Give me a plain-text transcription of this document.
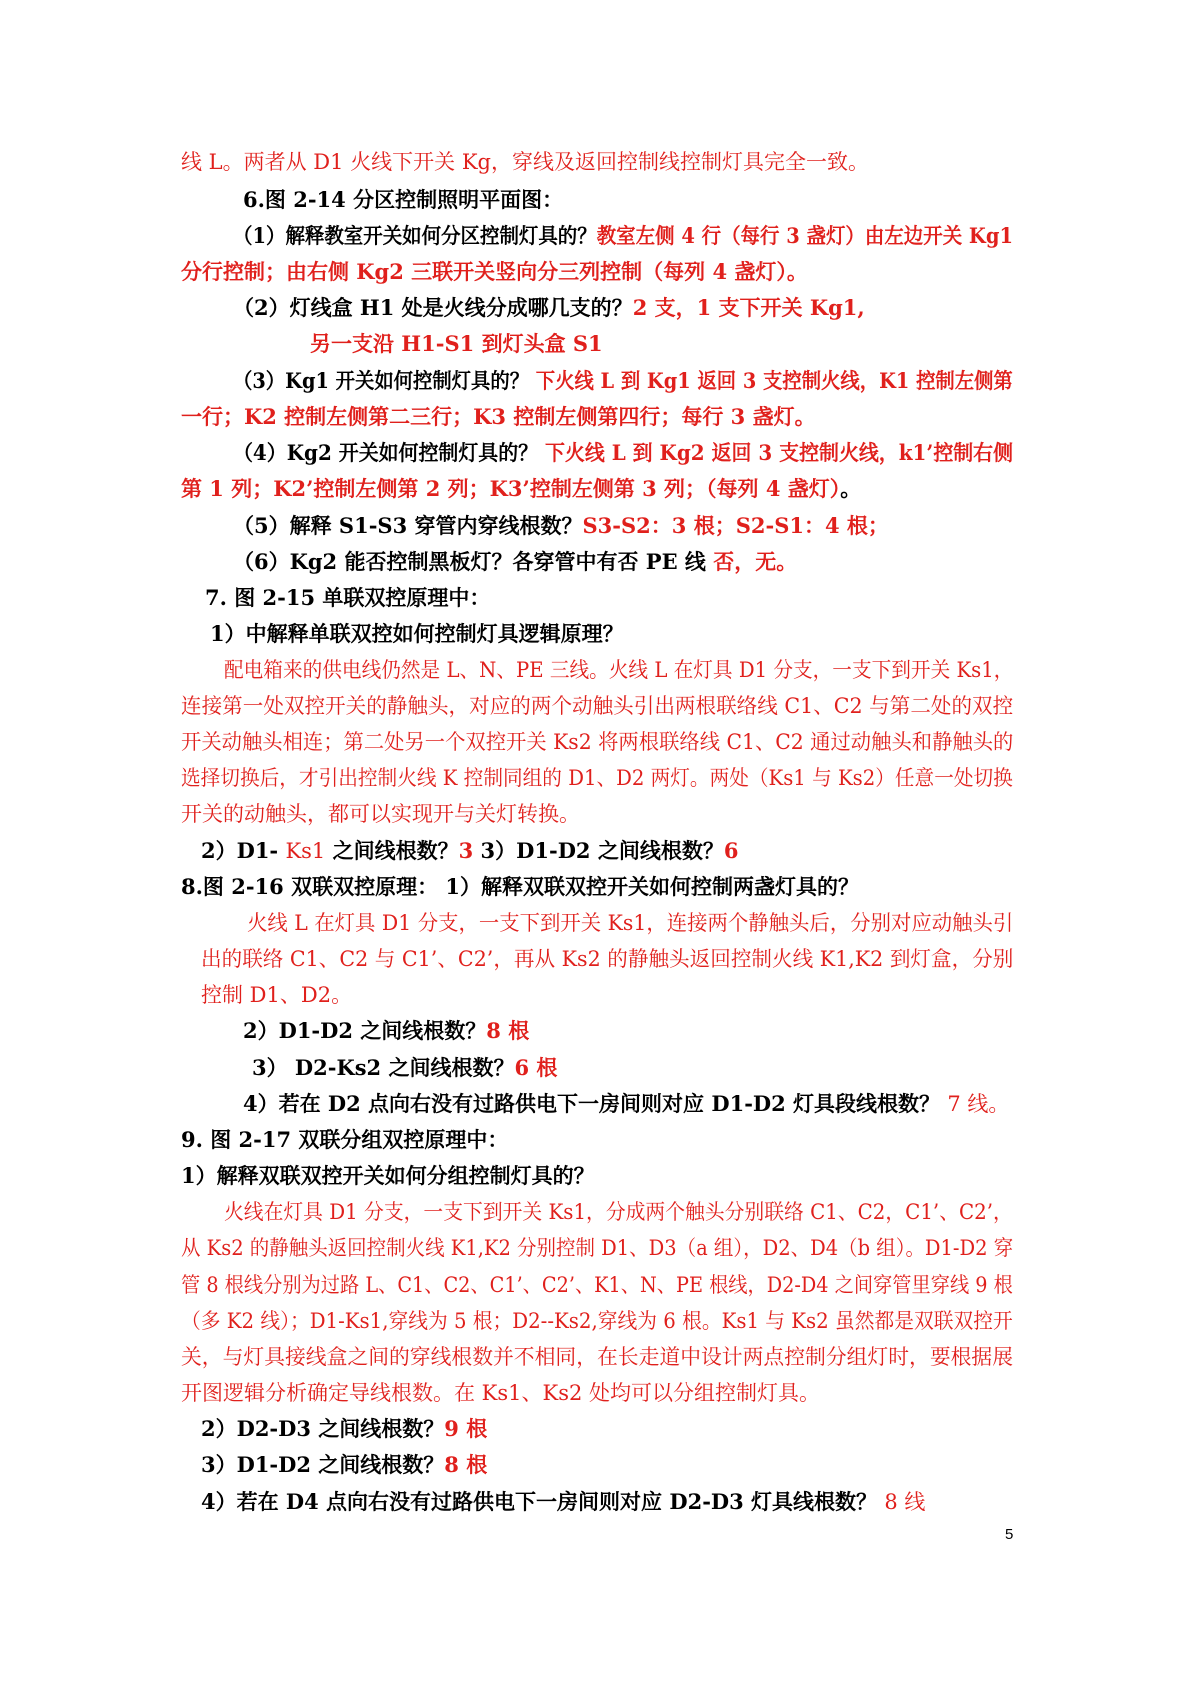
线 L。两者从 D1 火线下开关 Kg，穿线及返回控制线控制灯具完全一致。
6.图 2-14 分区控制照明平面图：
（1）解释教室开关如何分区控制灯具的？教室左侧 4 行（每行 3 盏灯）由左边开关 Kg1
分行控制；由右侧 Kg2 三联开关竖向分三列控制（每列 4 盏灯）。
（2）灯线盒 H1 处是火线分成哪几支的？2 支，1 支下开关 Kg1,
另一支沿 H1-S1 到灯头盒 S1
（3）Kg1 开关如何控制灯具的？ 下火线 L 到 Kg1 返回 3 支控制火线，K1 控制左侧第
一行；K2 控制左侧第二三行；K3 控制左侧第四行；每行 3 盏灯。
（4）Kg2 开关如何控制灯具的？ 下火线 L 到 Kg2 返回 3 支控制火线，k1’控制右侧
第 1 列；K2’控制左侧第 2 列；K3’控制左侧第 3 列；（每列 4 盏灯）。
（5）解释 S1-S3 穿管内穿线根数？S3-S2：3 根；S2-S1：4 根；
（6）Kg2 能否控制黑板灯？各穿管中有否 PE 线 否，无。
7. 图 2-15 单联双控原理中：
1）中解释单联双控如何控制灯具逻辑原理？
配电箱来的供电线仍然是 L、N、PE 三线。火线 L 在灯具 D1 分支，一支下到开关 Ks1，
连接第一处双控开关的静触头，对应的两个动触头引出两根联络线 C1、C2 与第二处的双控
开关动触头相连；第二处另一个双控开关 Ks2 将两根联络线 C1、C2 通过动触头和静触头的
选择切换后，才引出控制火线 K 控制同组的 D1、D2 两灯。两处（Ks1 与 Ks2）任意一处切换
开关的动触头，都可以实现开与关灯转换。
2）D1- Ks1 之间线根数？3 3）D1-D2 之间线根数？6
8.图 2-16 双联双控原理： 1）解释双联双控开关如何控制两盏灯具的？
火线 L 在灯具 D1 分支，一支下到开关 Ks1，连接两个静触头后，分别对应动触头引
出的联络 C1、C2 与 C1’、C2’，再从 Ks2 的静触头返回控制火线 K1,K2 到灯盒，分别
控制 D1、D2。
2）D1-D2 之间线根数？8 根
3） D2-Ks2 之间线根数？6 根
4）若在 D2 点向右没有过路供电下一房间则对应 D1-D2 灯具段线根数？ 7 线。
9. 图 2-17 双联分组双控原理中：
1）解释双联双控开关如何分组控制灯具的？
火线在灯具 D1 分支，一支下到开关 Ks1，分成两个触头分别联络 C1、C2，C1’、C2’，
从 Ks2 的静触头返回控制火线 K1,K2 分别控制 D1、D3（a 组），D2、D4（b 组）。D1-D2 穿
管 8 根线分别为过路 L、C1、C2、C1’、C2’、K1、N、PE 根线，D2-D4 之间穿管里穿线 9 根
（多 K2 线）；D1-Ks1,穿线为 5 根；D2--Ks2,穿线为 6 根。Ks1 与 Ks2 虽然都是双联双控开
关，与灯具接线盒之间的穿线根数并不相同，在长走道中设计两点控制分组灯时，要根据展
开图逻辑分析确定导线根数。在 Ks1、Ks2 处均可以分组控制灯具。
2）D2-D3 之间线根数？9 根
3）D1-D2 之间线根数？8 根
4）若在 D4 点向右没有过路供电下一房间则对应 D2-D3 灯具线根数？ 8 线
5
